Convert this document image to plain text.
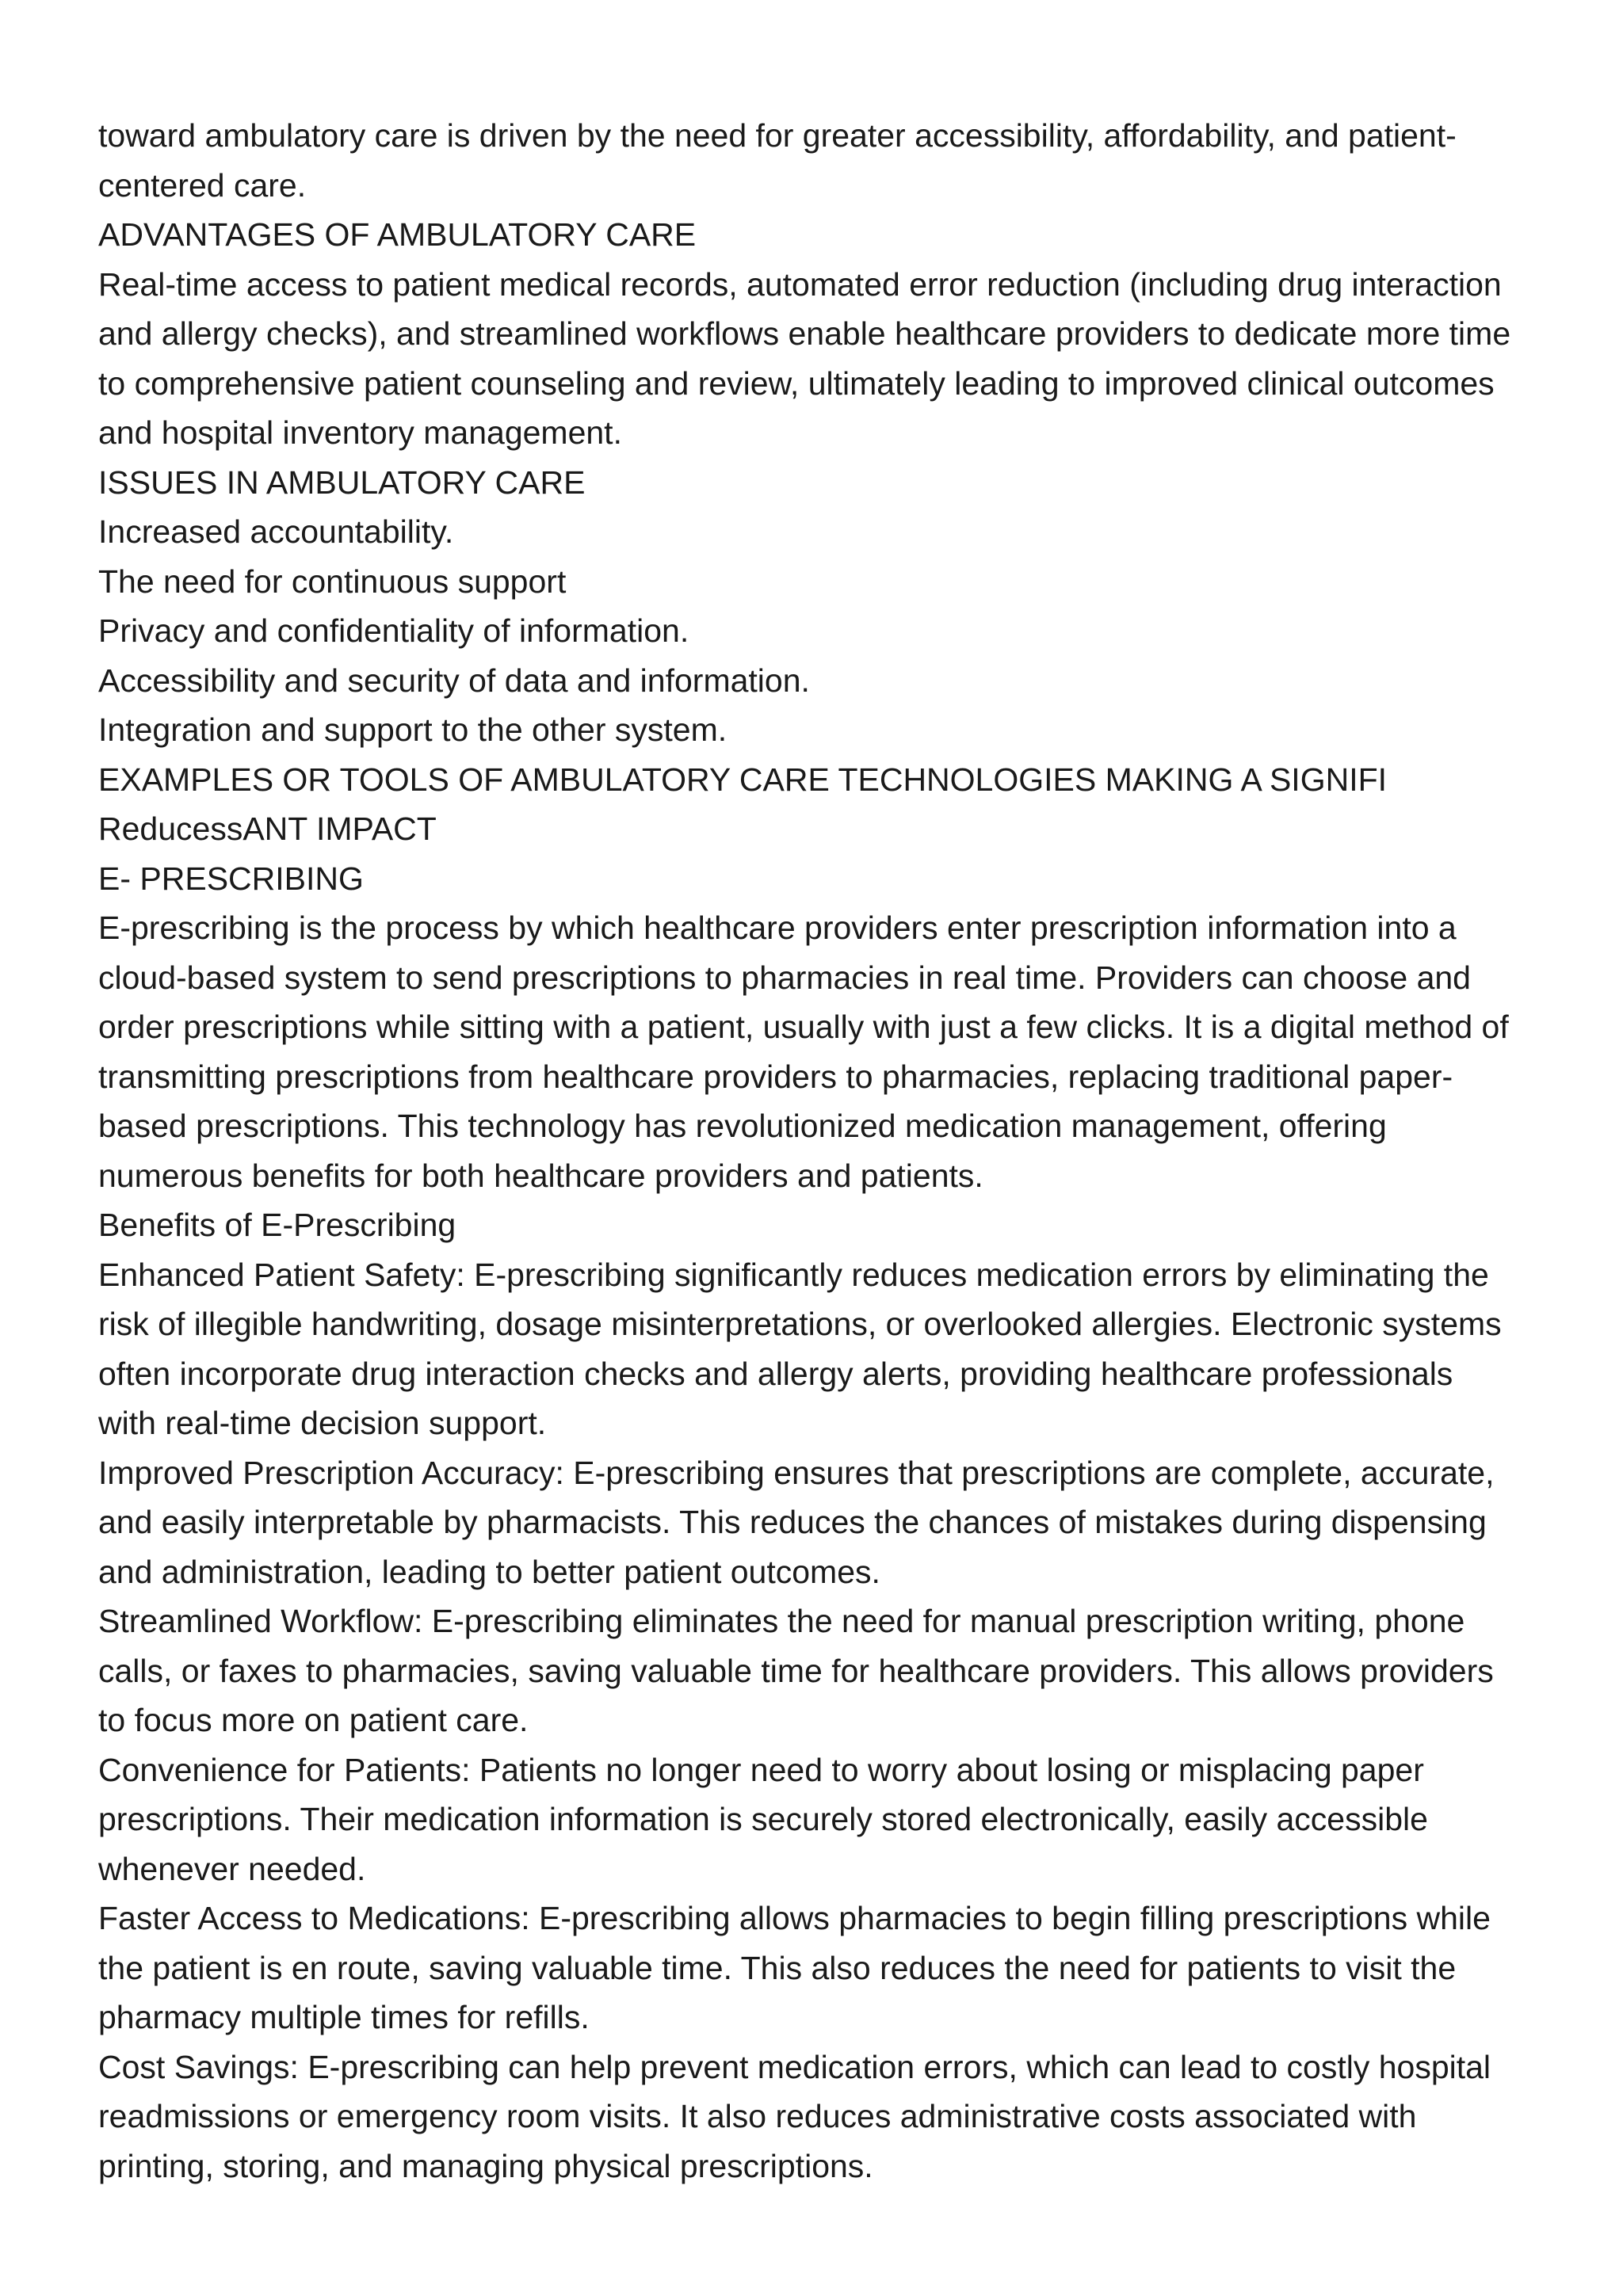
toward ambulatory care is driven by the need for greater accessibility, affordability, and patient-

centered care.

ADVANTAGES OF AMBULATORY CARE

Real-time access to patient medical records, automated error reduction (including drug interaction

and allergy checks), and streamlined workflows enable healthcare providers to dedicate more time

to comprehensive patient counseling and review, ultimately leading to improved clinical outcomes

and hospital inventory management.

ISSUES IN AMBULATORY CARE

Increased accountability.

The need for continuous support

Privacy and confidentiality of information.

Accessibility and security of data and information.

Integration and support to the other system.

EXAMPLES OR TOOLS OF AMBULATORY CARE TECHNOLOGIES MAKING A SIGNIFI

ReducessANT IMPACT

E- PRESCRIBING

E-prescribing is the process by which healthcare providers enter prescription information into a

cloud-based system to send prescriptions to pharmacies in real time. Providers can choose and

order prescriptions while sitting with a patient, usually with just a few clicks. It is a digital method of

transmitting prescriptions from healthcare providers to pharmacies, replacing traditional paper-

based prescriptions. This technology has revolutionized medication management, offering

numerous benefits for both healthcare providers and patients.

Benefits of E-Prescribing

Enhanced Patient Safety: E-prescribing significantly reduces medication errors by eliminating the

risk of illegible handwriting, dosage misinterpretations, or overlooked allergies. Electronic systems

often incorporate drug interaction checks and allergy alerts, providing healthcare professionals

with real-time decision support.

Improved Prescription Accuracy: E-prescribing ensures that prescriptions are complete, accurate,

and easily interpretable by pharmacists. This reduces the chances of mistakes during dispensing

and administration, leading to better patient outcomes.

Streamlined Workflow: E-prescribing eliminates the need for manual prescription writing, phone

calls, or faxes to pharmacies, saving valuable time for healthcare providers. This allows providers

to focus more on patient care.

Convenience for Patients: Patients no longer need to worry about losing or misplacing paper

prescriptions. Their medication information is securely stored electronically, easily accessible

whenever needed.

Faster Access to Medications: E-prescribing allows pharmacies to begin filling prescriptions while

the patient is en route, saving valuable time. This also reduces the need for patients to visit the

pharmacy multiple times for refills.

Cost Savings: E-prescribing can help prevent medication errors, which can lead to costly hospital

readmissions or emergency room visits. It also reduces administrative costs associated with

printing, storing, and managing physical prescriptions.
